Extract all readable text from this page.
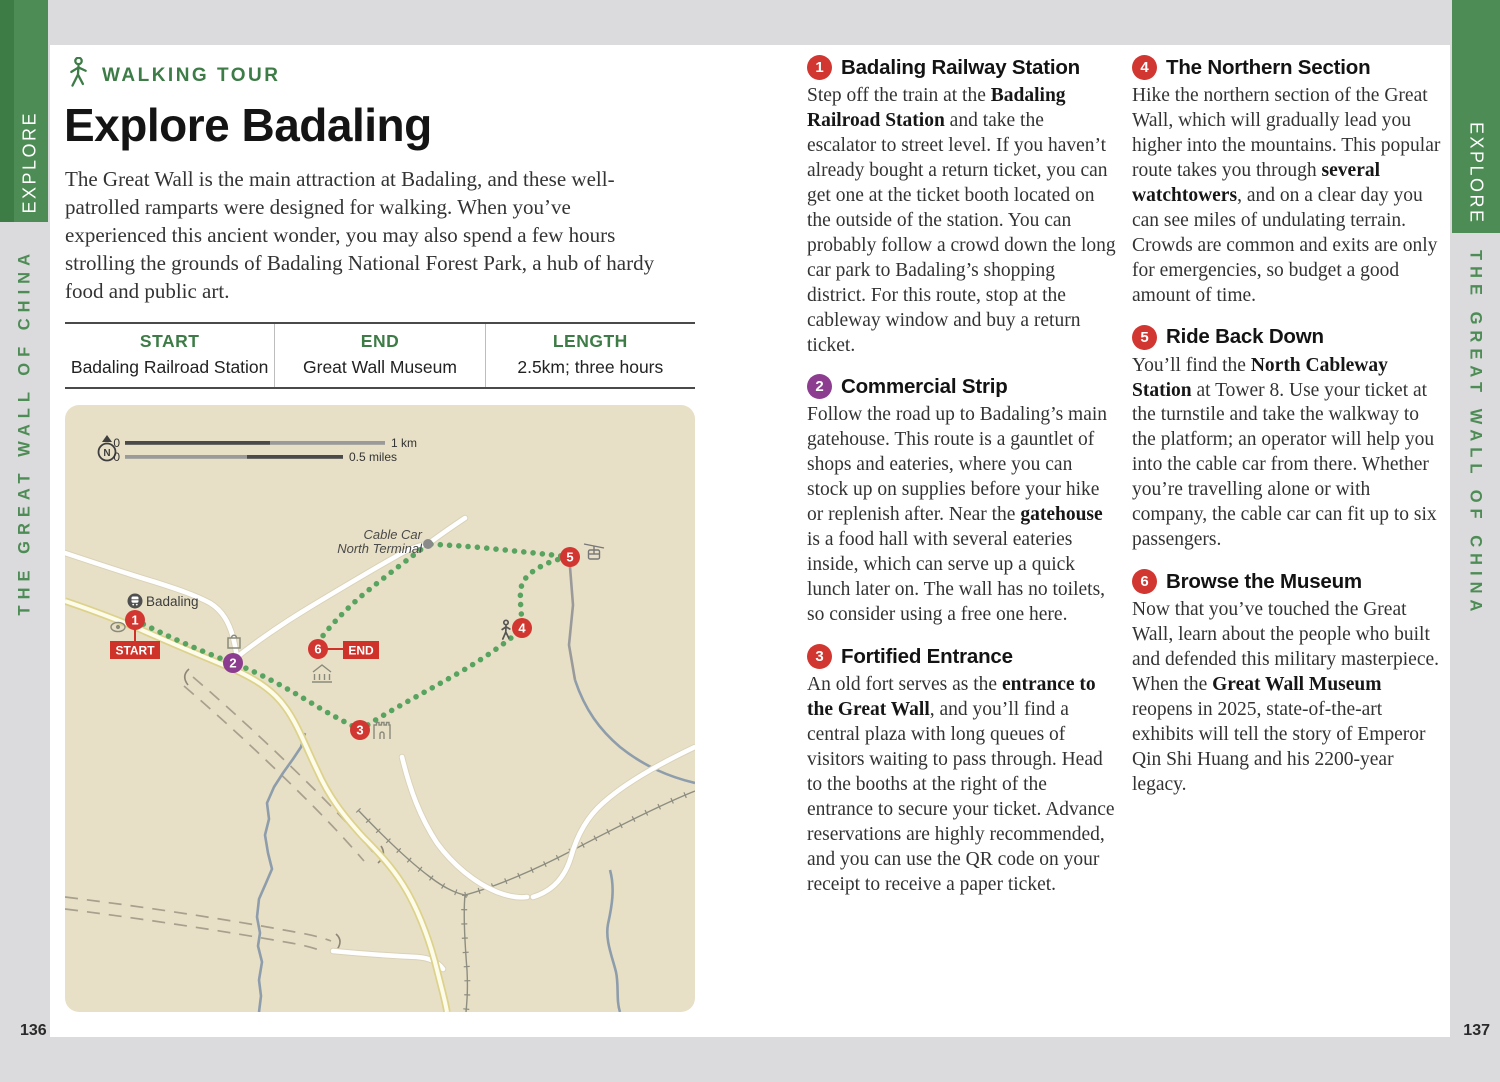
EXPLORE	EXPLORE
THE GREAT WALL OF CHINA	THE GREAT WALL OF CHINA
136	137
WALKING TOUR
Explore Badaling
The Great Wall is the main attraction at Badaling, and these well-patrolled ramparts were designed for walking. When you’ve experienced this ancient wonder, you may also spend a few hours strolling the grounds of Badaling National Forest Park, a hub of hardy food and public art.
START
Badaling Railroad Station
END
Great Wall Museum
LENGTH
2.5km; three hours
START	END
1
2
3
4
5
6
Badaling
Cable Car
North Terminal
N
0	1 km
0	0.5 miles
1 Badaling Railway Station
Step off the train at the Badaling Railroad Station and take the escalator to street level. If you haven’t already bought a return ticket, you can get one at the ticket booth located on the outside of the station. You can probably follow a crowd down the long car park to Badaling’s shopping district. For this route, stop at the cableway window and buy a return ticket.
2 Commercial Strip
Follow the road up to Badaling’s main gatehouse. This route is a gauntlet of shops and eateries, where you can stock up on supplies before your hike or replenish after. Near the gatehouse is a food hall with several eateries inside, which can serve up a quick lunch later on. The wall has no toilets, so consider using a free one here.
3 Fortified Entrance
An old fort serves as the entrance to the Great Wall, and you’ll find a central plaza with long queues of visitors waiting to pass through. Head to the booths at the right of the entrance to secure your ticket. Advance reservations are highly recommended, and you can use the QR code on your receipt to receive a paper ticket.
4 The Northern Section
Hike the northern section of the Great Wall, which will gradually lead you higher into the mountains. This popular route takes you through several watchtowers, and on a clear day you can see miles of undulating terrain. Crowds are common and exits are only for emergencies, so budget a good amount of time.
5 Ride Back Down
You’ll find the North Cableway Station at Tower 8. Use your ticket at the turnstile and take the walkway to the platform; an operator will help you into the cable car from there. Whether you’re travelling alone or with company, the cable car can fit up to six passengers.
6 Browse the Museum
Now that you’ve touched the Great Wall, learn about the people who built and defended this military masterpiece. When the Great Wall Museum reopens in 2025, state-of-the-art exhibits will tell the story of Emperor Qin Shi Huang and his 2200-year legacy.
